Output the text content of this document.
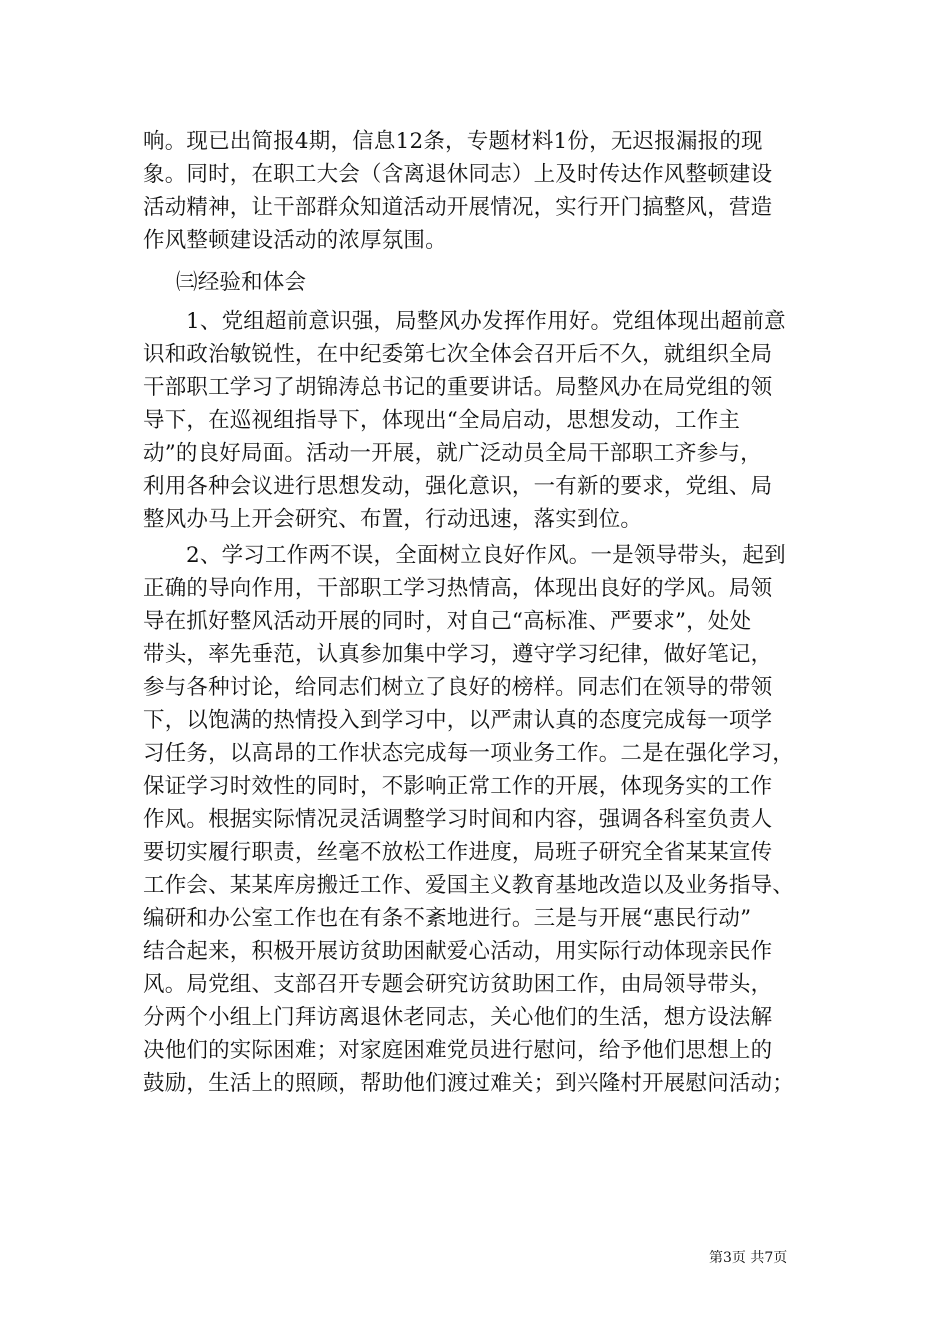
响。现已出简报4期，信息12条，专题材料1份，无迟报漏报的现
象。同时，在职工大会（含离退休同志）上及时传达作风整顿建设
活动精神，让干部群众知道活动开展情况，实行开门搞整风，营造
作风整顿建设活动的浓厚氛围。
㈢经验和体会
1、党组超前意识强，局整风办发挥作用好。党组体现出超前意
识和政治敏锐性，在中纪委第七次全体会召开后不久，就组织全局
干部职工学习了胡锦涛总书记的重要讲话。局整风办在局党组的领
导下，在巡视组指导下，体现出“全局启动，思想发动，工作主
动”的良好局面。活动一开展，就广泛动员全局干部职工齐参与，
利用各种会议进行思想发动，强化意识，一有新的要求，党组、局
整风办马上开会研究、布置，行动迅速，落实到位。
2、学习工作两不误，全面树立良好作风。一是领导带头，起到
正确的导向作用，干部职工学习热情高，体现出良好的学风。局领
导在抓好整风活动开展的同时，对自己“高标准、严要求”，处处
带头，率先垂范，认真参加集中学习，遵守学习纪律，做好笔记，
参与各种讨论，给同志们树立了良好的榜样。同志们在领导的带领
下，以饱满的热情投入到学习中，以严肃认真的态度完成每一项学
习任务，以高昂的工作状态完成每一项业务工作。二是在强化学习，
保证学习时效性的同时，不影响正常工作的开展，体现务实的工作
作风。根据实际情况灵活调整学习时间和内容，强调各科室负责人
要切实履行职责，丝毫不放松工作进度，局班子研究全省某某宣传
工作会、某某库房搬迁工作、爱国主义教育基地改造以及业务指导、
编研和办公室工作也在有条不紊地进行。三是与开展“惠民行动”
结合起来，积极开展访贫助困献爱心活动，用实际行动体现亲民作
风。局党组、支部召开专题会研究访贫助困工作，由局领导带头，
分两个小组上门拜访离退休老同志，关心他们的生活，想方设法解
决他们的实际困难；对家庭困难党员进行慰问，给予他们思想上的
鼓励，生活上的照顾，帮助他们渡过难关；到兴隆村开展慰问活动；
第3页 共7页
